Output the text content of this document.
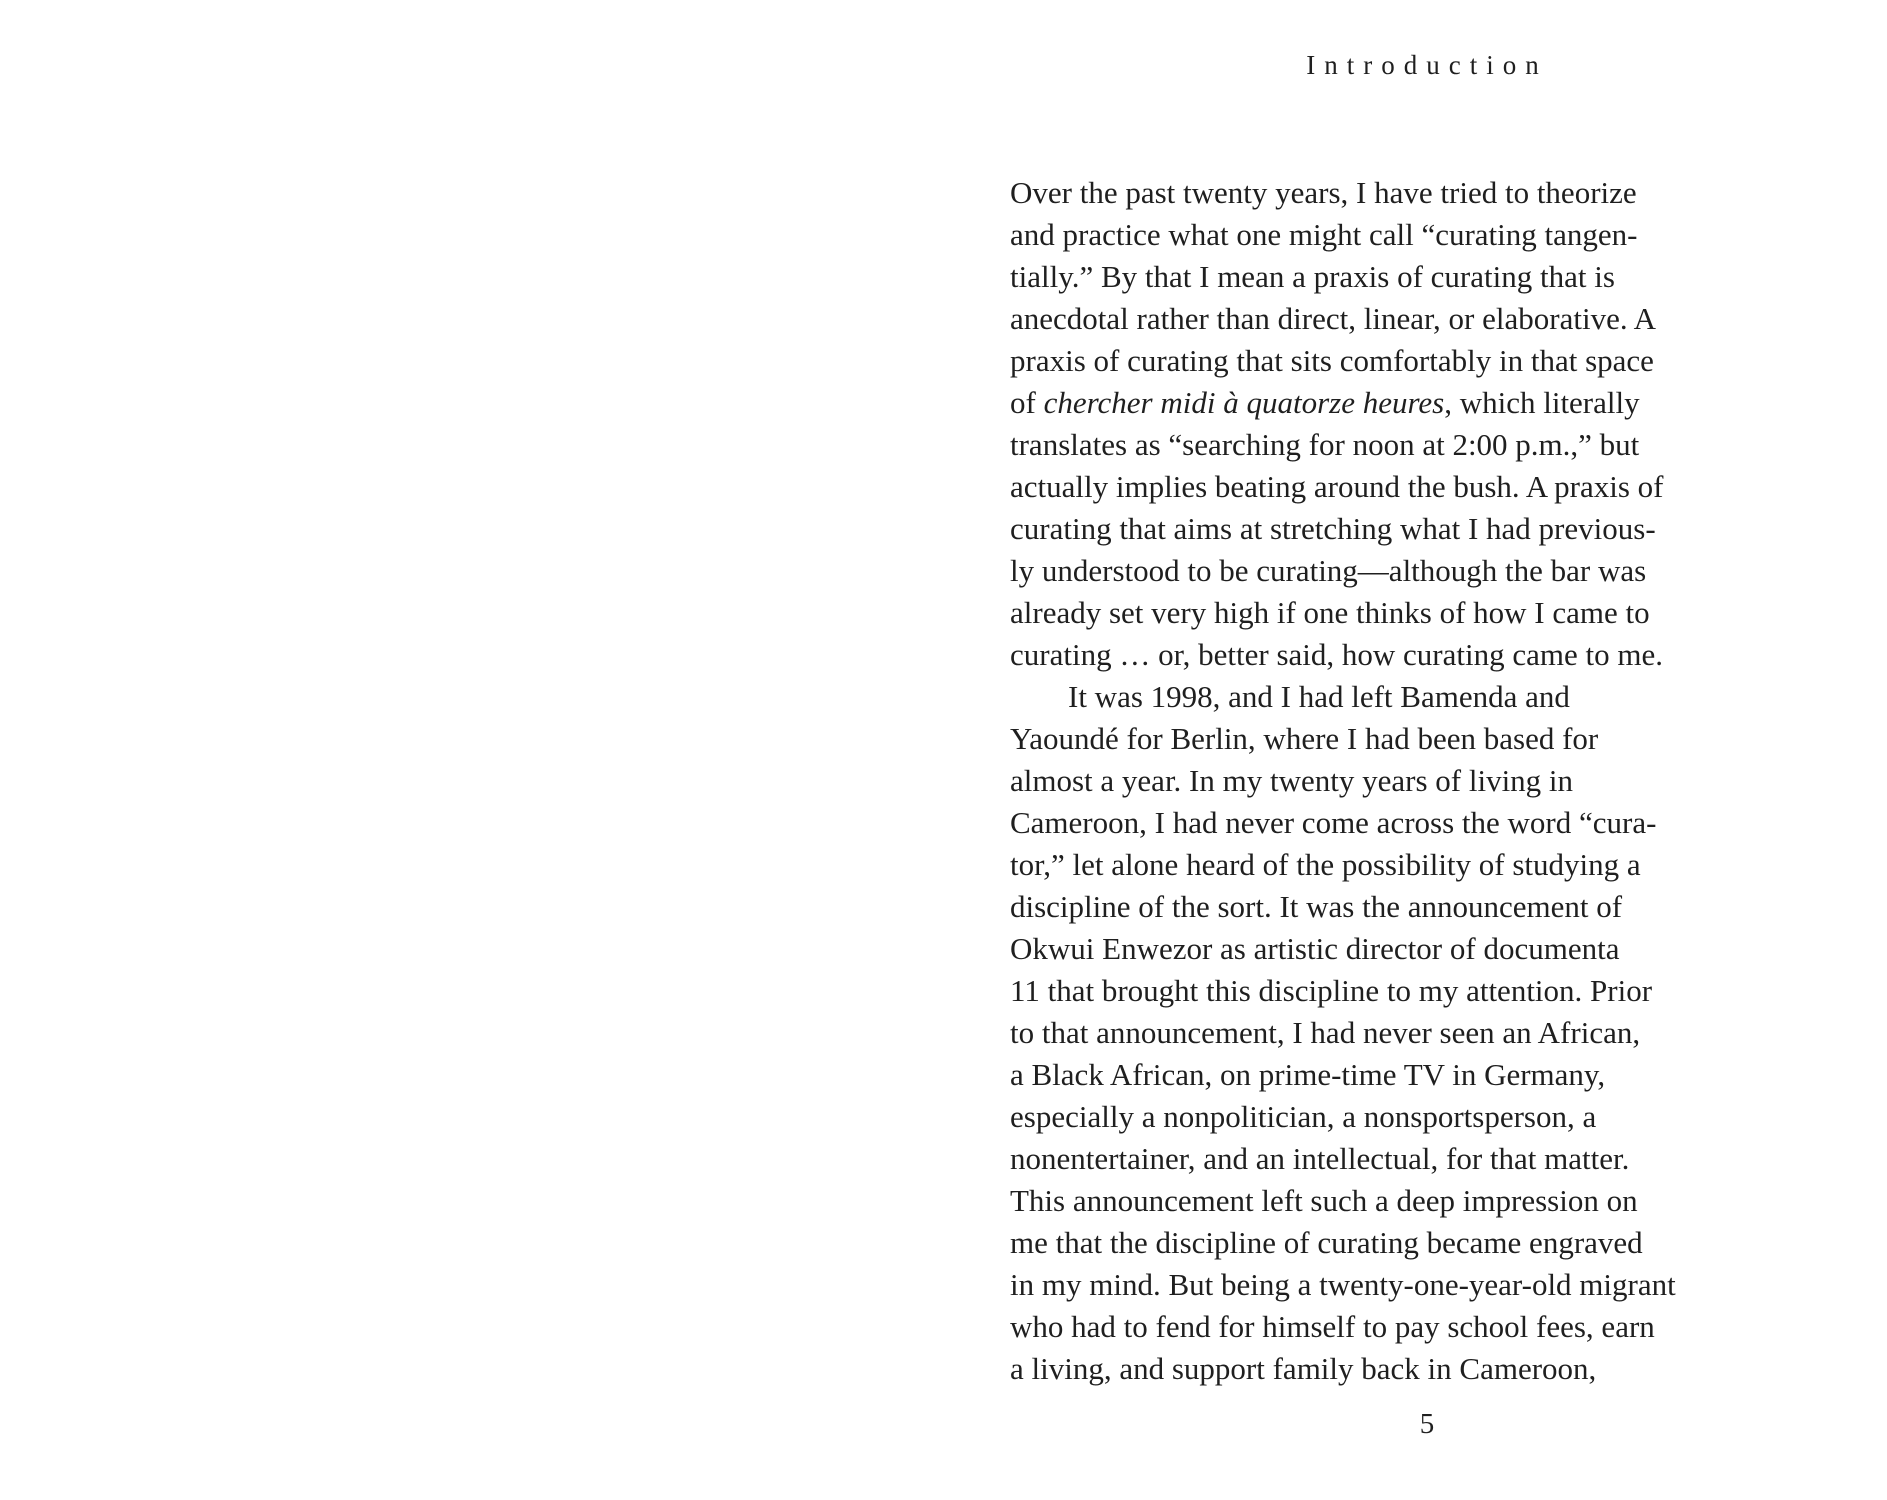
Introduction
Over the past twenty years, I have tried to theorize
and practice what one might call “curating tangen-
tially.” By that I mean a praxis of curating that is
anecdotal rather than direct, linear, or elaborative. A
praxis of curating that sits comfortably in that space
of chercher midi à quatorze heures, which literally
translates as “searching for noon at 2:00 p.m.,” but
actually implies beating around the bush. A praxis of
curating that aims at stretching what I had previous-
ly understood to be curating—although the bar was
already set very high if one thinks of how I came to
curating … or, better said, how curating came to me.
It was 1998, and I had left Bamenda and
Yaoundé for Berlin, where I had been based for
almost a year. In my twenty years of living in
Cameroon, I had never come across the word “cura-
tor,” let alone heard of the possibility of studying a
discipline of the sort. It was the announcement of
Okwui Enwezor as artistic director of documenta
11 that brought this discipline to my attention. Prior
to that announcement, I had never seen an African,
a Black African, on prime-time TV in Germany,
especially a nonpolitician, a nonsportsperson, a
nonentertainer, and an intellectual, for that matter.
This announcement left such a deep impression on
me that the discipline of curating became engraved
in my mind. But being a twenty-one-year-old migrant
who had to fend for himself to pay school fees, earn
a living, and support family back in Cameroon,
5
